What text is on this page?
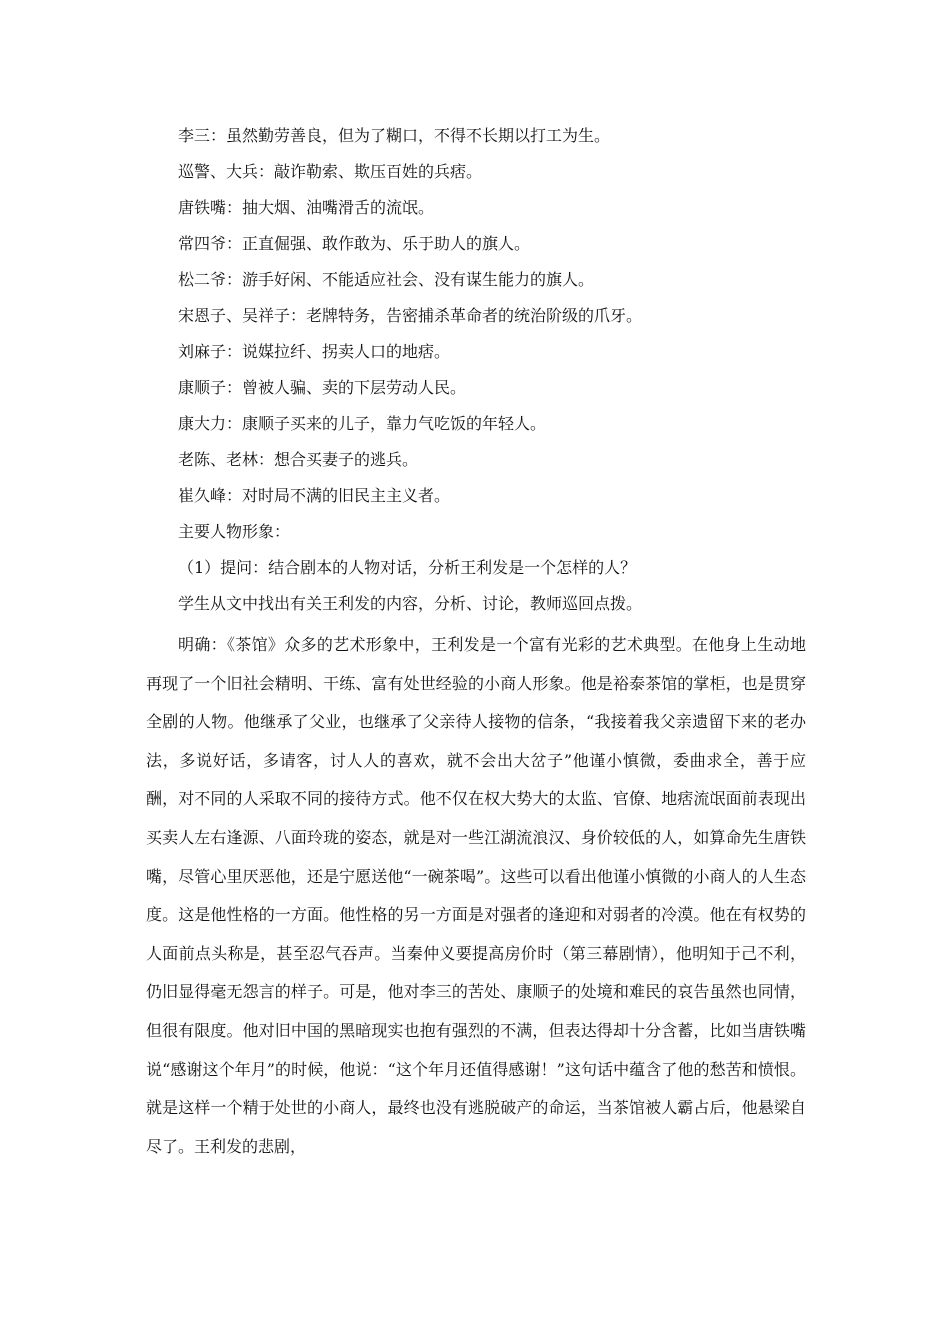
李三：虽然勤劳善良，但为了糊口，不得不长期以打工为生。
巡警、大兵：敲诈勒索、欺压百姓的兵痞。
唐铁嘴：抽大烟、油嘴滑舌的流氓。
常四爷：正直倔强、敢作敢为、乐于助人的旗人。
松二爷：游手好闲、不能适应社会、没有谋生能力的旗人。
宋恩子、吴祥子：老牌特务，告密捕杀革命者的统治阶级的爪牙。
刘麻子：说媒拉纤、拐卖人口的地痞。
康顺子：曾被人骗、卖的下层劳动人民。
康大力：康顺子买来的儿子，靠力气吃饭的年轻人。
老陈、老林：想合买妻子的逃兵。
崔久峰：对时局不满的旧民主主义者。
主要人物形象：
（1）提问：结合剧本的人物对话，分析王利发是一个怎样的人？
学生从文中找出有关王利发的内容，分析、讨论，教师巡回点拨。
明确：《茶馆》众多的艺术形象中，王利发是一个富有光彩的艺术典型。在他身上生动地再现了一个旧社会精明、干练、富有处世经验的小商人形象。他是裕泰茶馆的掌柜，也是贯穿全剧的人物。他继承了父业，也继承了父亲待人接物的信条，“我接着我父亲遗留下来的老办法，多说好话，多请客，讨人人的喜欢，就不会出大岔子”他谨小慎微，委曲求全，善于应酬，对不同的人采取不同的接待方式。他不仅在权大势大的太监、官僚、地痞流氓面前表现出买卖人左右逢源、八面玲珑的姿态，就是对一些江湖流浪汉、身价较低的人，如算命先生唐铁嘴，尽管心里厌恶他，还是宁愿送他“一碗茶喝”。这些可以看出他谨小慎微的小商人的人生态度。这是他性格的一方面。他性格的另一方面是对强者的逢迎和对弱者的冷漠。他在有权势的人面前点头称是，甚至忍气吞声。当秦仲义要提高房价时（第三幕剧情），他明知于己不利，仍旧显得毫无怨言的样子。可是，他对李三的苦处、康顺子的处境和难民的哀告虽然也同情，但很有限度。他对旧中国的黑暗现实也抱有强烈的不满，但表达得却十分含蓄，比如当唐铁嘴说“感谢这个年月”的时候，他说：“这个年月还值得感谢！”这句话中蕴含了他的愁苦和愤恨。就是这样一个精于处世的小商人，最终也没有逃脱破产的命运，当茶馆被人霸占后，他悬梁自尽了。王利发的悲剧，
